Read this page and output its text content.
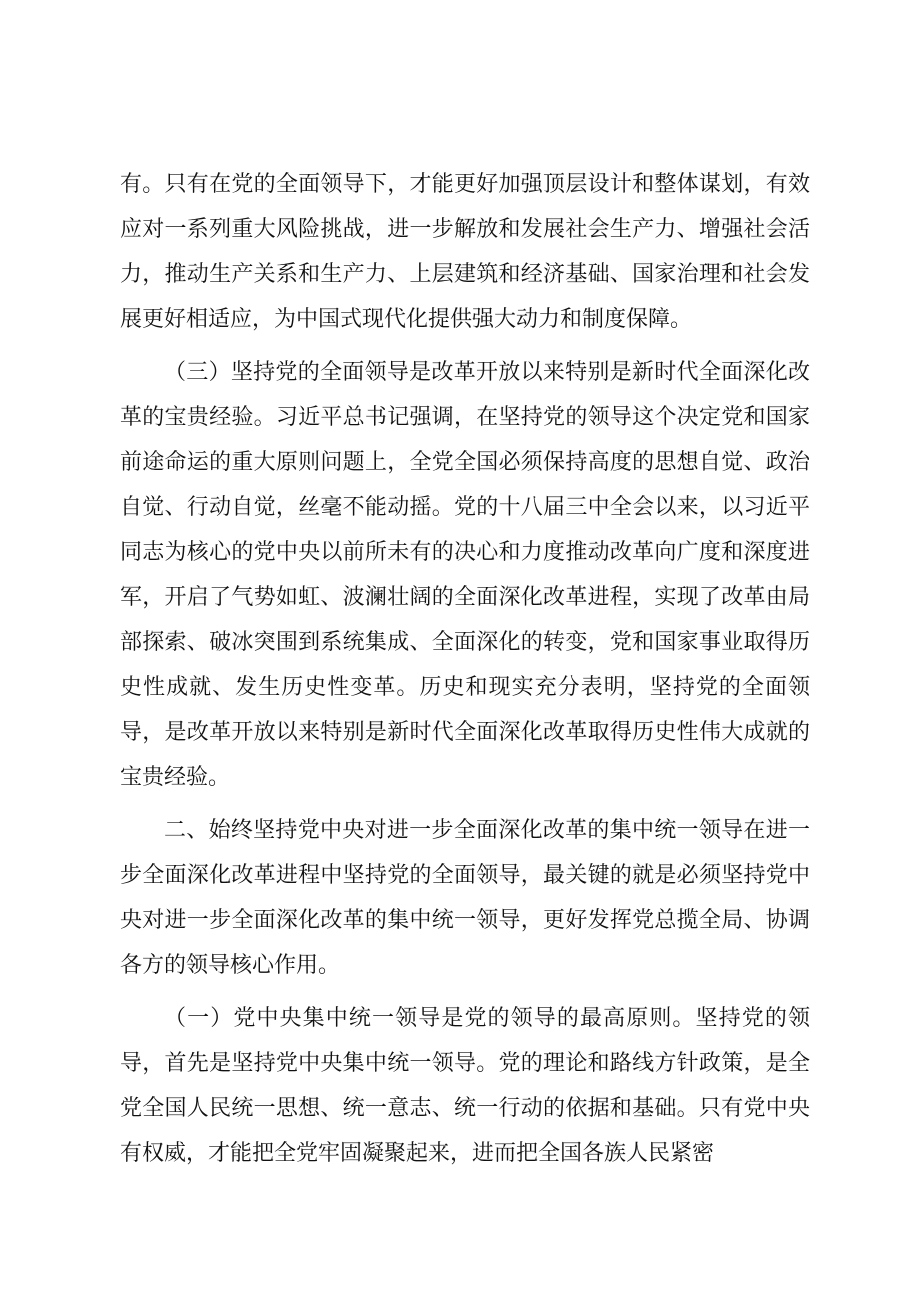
有。只有在党的全面领导下，才能更好加强顶层设计和整体谋划，有效应对一系列重大风险挑战，进一步解放和发展社会生产力、增强社会活力，推动生产关系和生产力、上层建筑和经济基础、国家治理和社会发展更好相适应，为中国式现代化提供强大动力和制度保障。

（三）坚持党的全面领导是改革开放以来特别是新时代全面深化改革的宝贵经验。习近平总书记强调，在坚持党的领导这个决定党和国家前途命运的重大原则问题上，全党全国必须保持高度的思想自觉、政治自觉、行动自觉，丝毫不能动摇。党的十八届三中全会以来，以习近平同志为核心的党中央以前所未有的决心和力度推动改革向广度和深度进军，开启了气势如虹、波澜壮阔的全面深化改革进程，实现了改革由局部探索、破冰突围到系统集成、全面深化的转变，党和国家事业取得历史性成就、发生历史性变革。历史和现实充分表明，坚持党的全面领导，是改革开放以来特别是新时代全面深化改革取得历史性伟大成就的宝贵经验。

二、始终坚持党中央对进一步全面深化改革的集中统一领导在进一步全面深化改革进程中坚持党的全面领导，最关键的就是必须坚持党中央对进一步全面深化改革的集中统一领导，更好发挥党总揽全局、协调各方的领导核心作用。

（一）党中央集中统一领导是党的领导的最高原则。坚持党的领导，首先是坚持党中央集中统一领导。党的理论和路线方针政策，是全党全国人民统一思想、统一意志、统一行动的依据和基础。只有党中央有权威，才能把全党牢固凝聚起来，进而把全国各族人民紧密
